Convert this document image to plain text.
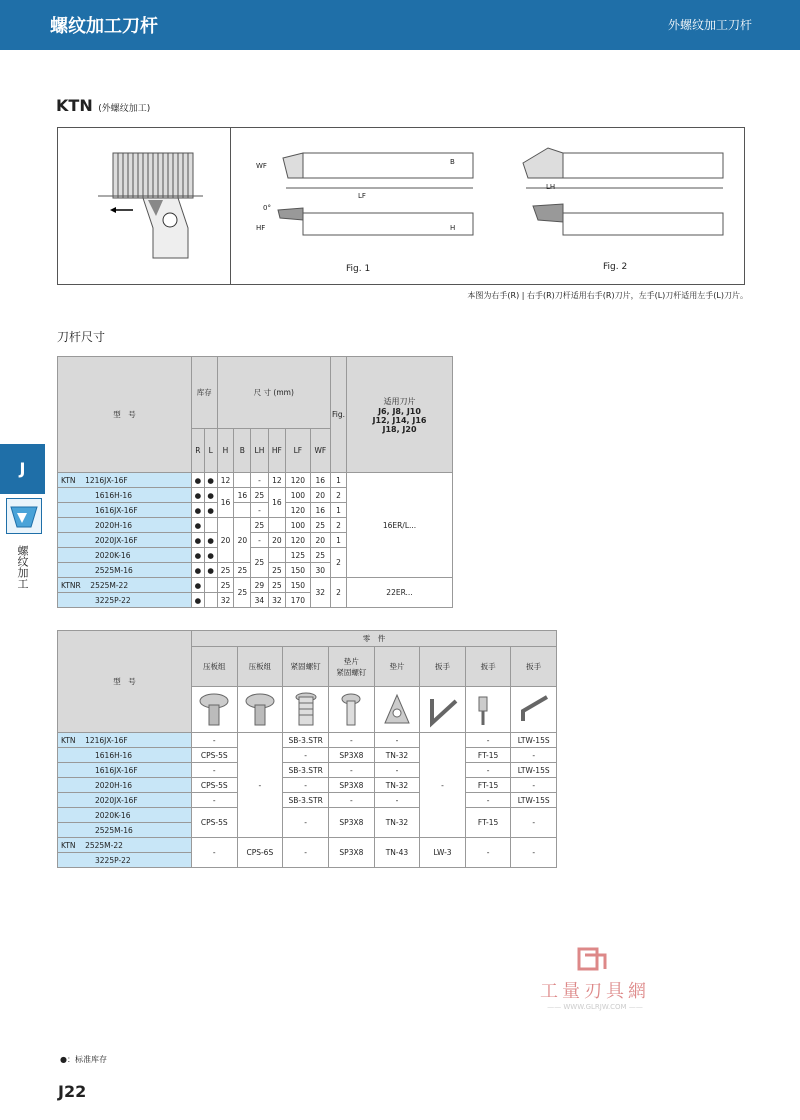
螺纹加工刀杆	外螺纹加工刀杆
KTN (外螺纹加工)
Fig. 1	Fig. 2
WF	B
LF
HF	H
0°
LH
本图为右手(R) | 右手(R)刀杆适用右手(R)刀片，左手(L)刀杆适用左手(L)刀片。
刀杆尺寸
型　号	库存		尺 寸 (mm)						Fig.	适用刀片
J6, J8, J10
J12, J14, J16
J18, J20

	R	L	H	B	LH	HF	LF	WF		
KTN 1216JX-16F	●	●	12		-	12	120	16	1	16ER/L...
1616H-16	●	●	16	16	25	16	100	20	2	
1616JX-16F	●	●			-		120	16	1	
2020H-16	●		20	20	25		100	25	2	
2020JX-16F	●	●			-	20	120	20	1	
2020K-16	●	●			25		125	25	2	
2525M-16	●	●	25	25		25	150	30		
KTNR 2525M-22	●		25	25	29	25	150	32	2	22ER...
3225P-22	●		32		34	32	170			
型　号	零　件							
	压板组	压板组	紧固螺钉	垫片
紧固螺钉	垫片	扳手	扳手	扳手

KTN 1216JX-16F	-	-	SB-3.STR	-	-	-	-	LTW-15S
1616H-16	CPS-5S		-	SP3X8	TN-32		FT-15	-
1616JX-16F	-		SB-3.STR	-	-		-	LTW-15S
2020H-16	CPS-5S		-	SP3X8	TN-32		FT-15	-
2020JX-16F	-		SB-3.STR	-	-		-	LTW-15S
2020K-16	CPS-5S		-	SP3X8	TN-32		FT-15	-
2525M-16								
KTN 2525M-22	-	CPS-6S	-	SP3X8	TN-43	LW-3	-	-
3225P-22								
J
螺纹加工
工量刃具網
—— WWW.GLRJW.COM ——
●：标准库存
J22
